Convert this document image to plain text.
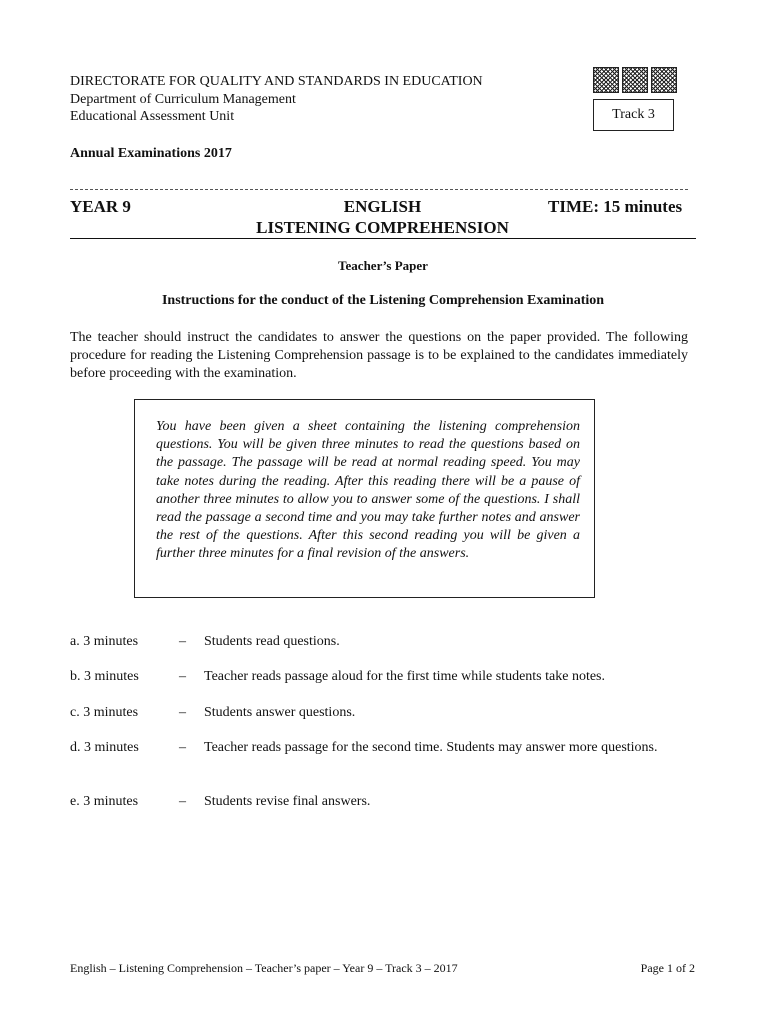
DIRECTORATE FOR QUALITY AND STANDARDS IN EDUCATION
Department of Curriculum Management
Educational Assessment Unit	Track 3
Annual Examinations 2017
YEAR 9	ENGLISH
LISTENING COMPREHENSION
TIME: 15 minutes
Teacher’s Paper
Instructions for the conduct of the Listening Comprehension Examination
The teacher should instruct the candidates to answer the questions on the paper provided. The following procedure for reading the Listening Comprehension passage is to be explained to the candidates immediately before proceeding with the examination.
You have been given a sheet containing the listening comprehension questions. You will be given three minutes to read the questions based on the passage. The passage will be read at normal reading speed. You may take notes during the reading. After this reading there will be a pause of another three minutes to allow you to answer some of the questions. I shall read the passage a second time and you may take further notes and answer the rest of the questions. After this second reading you will be given a further three minutes for a final revision of the answers.
a. 3 minutes	– Students read questions.
b. 3 minutes	– Teacher reads passage aloud for the first time while students take notes.
c. 3 minutes	– Students answer questions.
d. 3 minutes	– Teacher reads passage for the second time. Students may answer more questions.
e. 3 minutes	– Students revise final answers.
English – Listening Comprehension – Teacher’s paper – Year 9 – Track 3 – 2017	Page 1 of 2
